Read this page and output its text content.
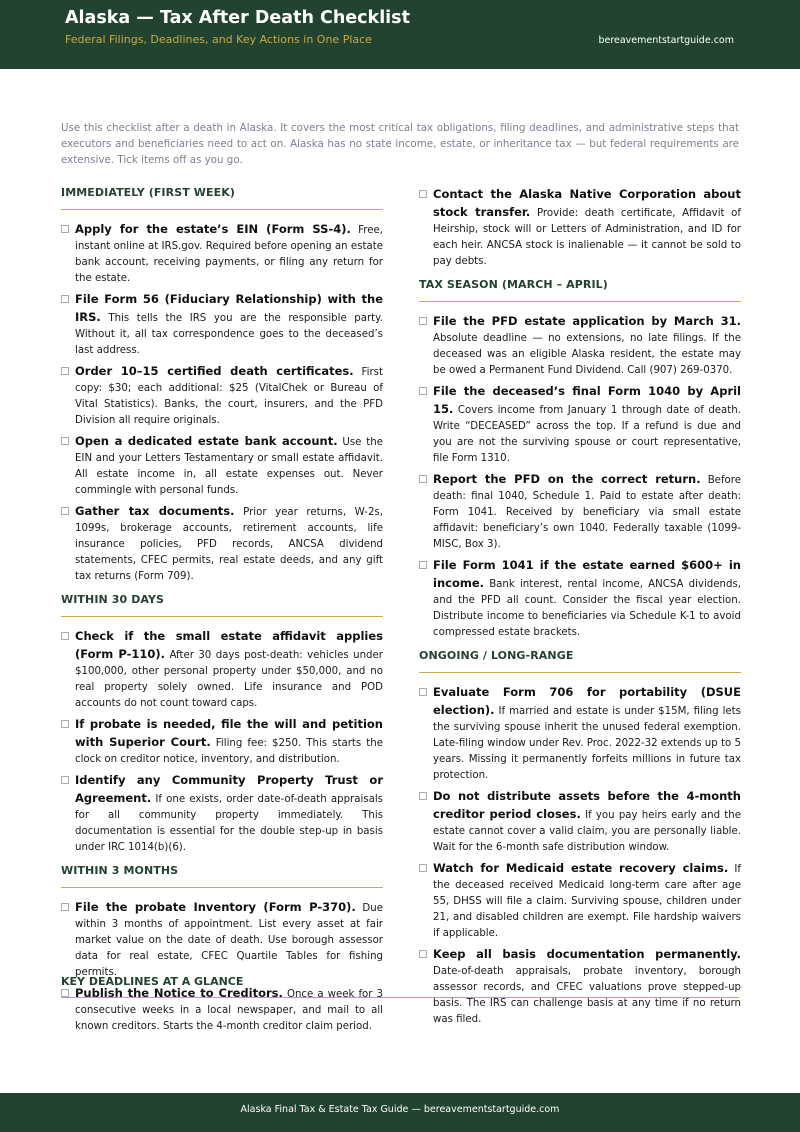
Alaska — Tax After Death Checklist
Federal Filings, Deadlines, and Key Actions in One Place	bereavementstartguide.com

Use this checklist after a death in Alaska. It covers the most critical tax obligations, filing deadlines, and administrative steps that executors and beneficiaries need to act on. Alaska has no state income, estate, or inheritance tax — but federal requirements are extensive. Tick items off as you go.

IMMEDIATELY (FIRST WEEK)
Apply for the estate’s EIN (Form SS-4). Free, instant online at IRS.gov. Required before opening an estate bank account, receiving payments, or filing any return for the estate.
File Form 56 (Fiduciary Relationship) with the IRS. This tells the IRS you are the responsible party. Without it, all tax correspondence goes to the deceased’s last address.
Order 10–15 certified death certificates. First copy: $30; each additional: $25 (VitalChek or Bureau of Vital Statistics). Banks, the court, insurers, and the PFD Division all require originals.
Open a dedicated estate bank account. Use the EIN and your Letters Testamentary or small estate affidavit. All estate income in, all estate expenses out. Never commingle with personal funds.
Gather tax documents. Prior year returns, W-2s, 1099s, brokerage accounts, retirement accounts, life insurance policies, PFD records, ANCSA dividend statements, CFEC permits, real estate deeds, and any gift tax returns (Form 709).
WITHIN 30 DAYS
Check if the small estate affidavit applies (Form P-110). After 30 days post-death: vehicles under $100,000, other personal property under $50,000, and no real property solely owned. Life insurance and POD accounts do not count toward caps.
If probate is needed, file the will and petition with Superior Court. Filing fee: $250. This starts the clock on creditor notice, inventory, and distribution.
Identify any Community Property Trust or Agreement. If one exists, order date-of-death appraisals for all community property immediately. This documentation is essential for the double step-up in basis under IRC 1014(b)(6).
WITHIN 3 MONTHS
File the probate Inventory (Form P-370). Due within 3 months of appointment. List every asset at fair market value on the date of death. Use borough assessor data for real estate, CFEC Quartile Tables for fishing permits.
Publish the Notice to Creditors. Once a week for 3 consecutive weeks in a local newspaper, and mail to all known creditors. Starts the 4-month creditor claim period.
Contact the Alaska Native Corporation about stock transfer. Provide: death certificate, Affidavit of Heirship, stock will or Letters of Administration, and ID for each heir. ANCSA stock is inalienable — it cannot be sold to pay debts.
TAX SEASON (MARCH – APRIL)
File the PFD estate application by March 31. Absolute deadline — no extensions, no late filings. If the deceased was an eligible Alaska resident, the estate may be owed a Permanent Fund Dividend. Call (907) 269-0370.
File the deceased’s final Form 1040 by April 15. Covers income from January 1 through date of death. Write “DECEASED” across the top. If a refund is due and you are not the surviving spouse or court representative, file Form 1310.
Report the PFD on the correct return. Before death: final 1040, Schedule 1. Paid to estate after death: Form 1041. Received by beneficiary via small estate affidavit: beneficiary’s own 1040. Federally taxable (1099-MISC, Box 3).
File Form 1041 if the estate earned $600+ in income. Bank interest, rental income, ANCSA dividends, and the PFD all count. Consider the fiscal year election. Distribute income to beneficiaries via Schedule K-1 to avoid compressed estate brackets.
ONGOING / LONG-RANGE
Evaluate Form 706 for portability (DSUE election). If married and estate is under $15M, filing lets the surviving spouse inherit the unused federal exemption. Late-filing window under Rev. Proc. 2022-32 extends up to 5 years. Missing it permanently forfeits millions in future tax protection.
Do not distribute assets before the 4-month creditor period closes. If you pay heirs early and the estate cannot cover a valid claim, you are personally liable. Wait for the 6-month safe distribution window.
Watch for Medicaid estate recovery claims. If the deceased received Medicaid long-term care after age 55, DHSS will file a claim. Surviving spouse, children under 21, and disabled children are exempt. File hardship waivers if applicable.
Keep all basis documentation permanently. Date-of-death appraisals, probate inventory, borough assessor records, and CFEC valuations prove stepped-up basis. The IRS can challenge basis at any time if no return was filed.
KEY DEADLINES AT A GLANCE
Alaska Final Tax & Estate Tax Guide — bereavementstartguide.com
